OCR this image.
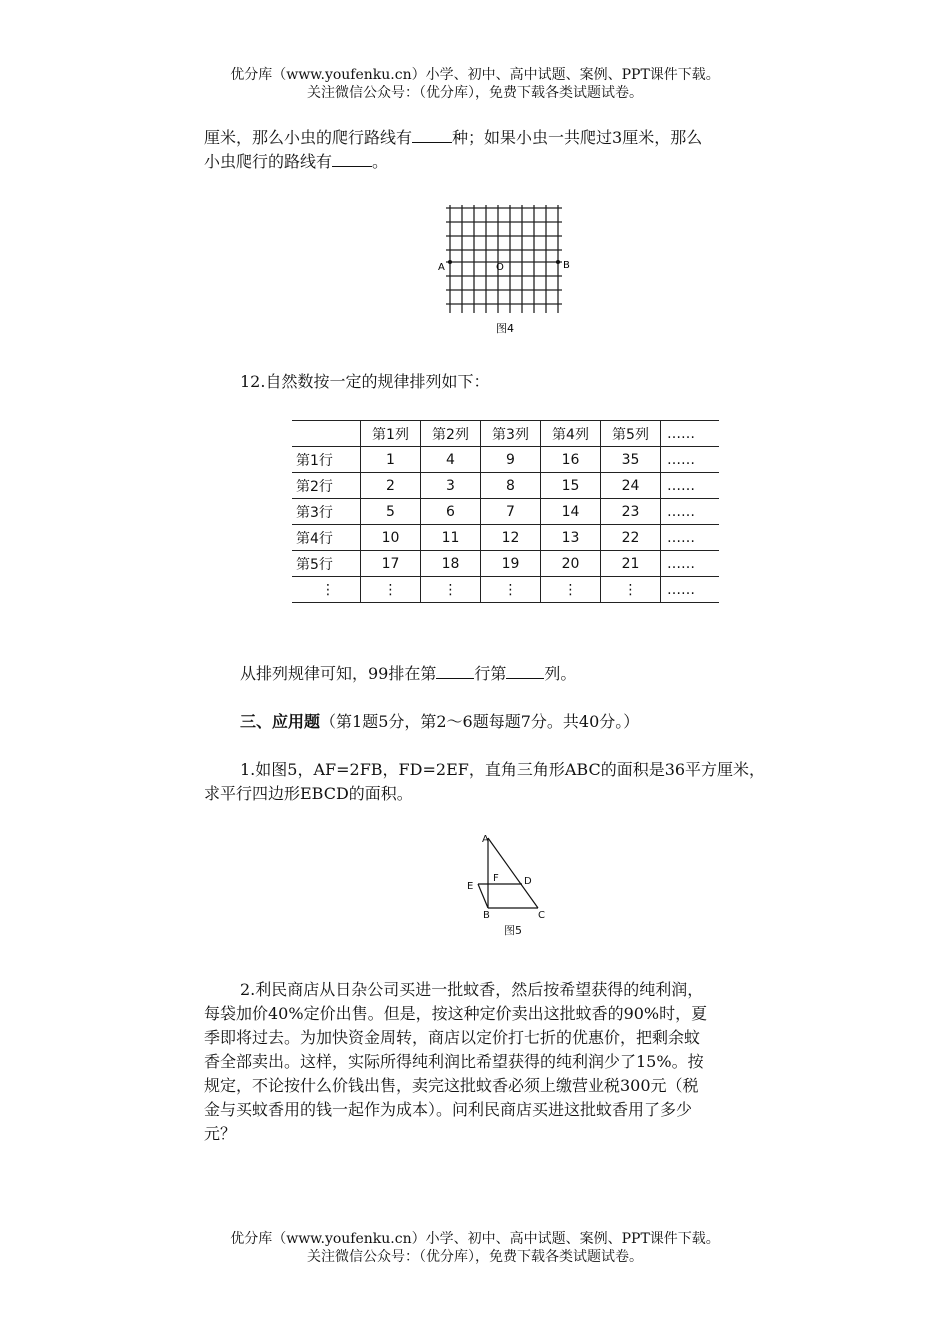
优分库（www.youfenku.cn）小学、初中、高中试题、案例、PPT课件下载。
关注微信公众号：（优分库），免费下载各类试题试卷。
厘米，那么小虫的爬行路线有	种；如果小虫一共爬过3厘米，那么
小虫爬行的路线有	。
A	O	B
图4
12.自然数按一定的规律排列如下：
	第1列	第2列	第3列	第4列	第5列	……
第1行	1	4	9	16	35	……
第2行	2	3	8	15	24	……
第3行	5	6	7	14	23	……
第4行	10	11	12	13	22	……
第5行	17	18	19	20	21	……
⋮	⋮	⋮	⋮	⋮	⋮	……
从排列规律可知，99排在第 行第 列。
三、应用题（第1题5分，第2～6题每题7分。共40分。）
1.如图5，AF=2FB，FD=2EF，直角三角形ABC的面积是36平方厘米，
求平行四边形EBCD的面积。
A
F	D
E
B	C
图5
2.利民商店从日杂公司买进一批蚊香，然后按希望获得的纯利润，
每袋加价40%定价出售。但是，按这种定价卖出这批蚊香的90%时，夏
季即将过去。为加快资金周转，商店以定价打七折的优惠价，把剩余蚊
香全部卖出。这样，实际所得纯利润比希望获得的纯利润少了15%。按
规定，不论按什么价钱出售，卖完这批蚊香必须上缴营业税300元（税
金与买蚊香用的钱一起作为成本）。问利民商店买进这批蚊香用了多少
元？
优分库（www.youfenku.cn）小学、初中、高中试题、案例、PPT课件下载。
关注微信公众号：（优分库），免费下载各类试题试卷。
